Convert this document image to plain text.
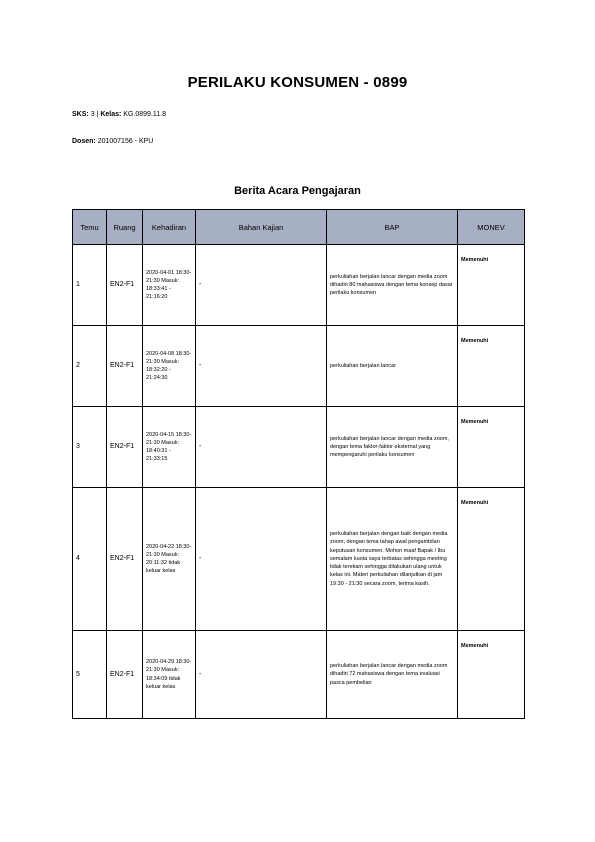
PERILAKU KONSUMEN - 0899
SKS: 3 | Kelas: KG.0899.11.8
Dosen: 201007156 - KPU
Berita Acara Pengajaran
Temu	Ruang	Kehadiran	Bahan Kajian	BAP	MONEV
1	EN2-F1	2020-04-01 18:30-21:30 Masuk: 18:33:41 - 21:16:20	-	perkuliahan berjalan lancar dengan media zoom dihadiri 80 mahasiswa dengan tema konsep dasar perilaku konsumen	Memenuhi
2	EN2-F1	2020-04-08 18:30-21:30 Masuk: 18:32:20 - 21:24:30	-	perkuliahan berjalan lancar	Memenuhi
3	EN2-F1	2020-04-15 18:30-21:30 Masuk: 18:40:31 - 21:33:15	-	perkuliahan berjalan lancar dengan media zoom, dengan tema faktor-faktor eksternal yang mempengaruhi perilaku konsumen	Memenuhi
4	EN2-F1	2020-04-22 18:30-21:30 Masuk: 20:11:32 tidak keluar kelas	-	perkuliahan berjalan dengan baik dengan media zoom, dengan tema tahap awal pengambilan keputusan konsumen. Mohon maaf Bapak / Ibu semalam kuota saya terbatas sehingga meeting tidak terekam sehingga dilakukan ulang untuk kelas ini. Materi perkuliahan dilanjutkan di jam 19:30 - 21:30 secara zoom, terima kasih.	Memenuhi
5	EN2-F1	2020-04-29 18:30-21:30 Masuk: 18:34:09 tidak keluar kelas	-	perkuliahan berjalan lancar dengan media zoom dihadiri 72 mahasiswa dengan tema evaluasi pasca pembelian	Memenuhi
